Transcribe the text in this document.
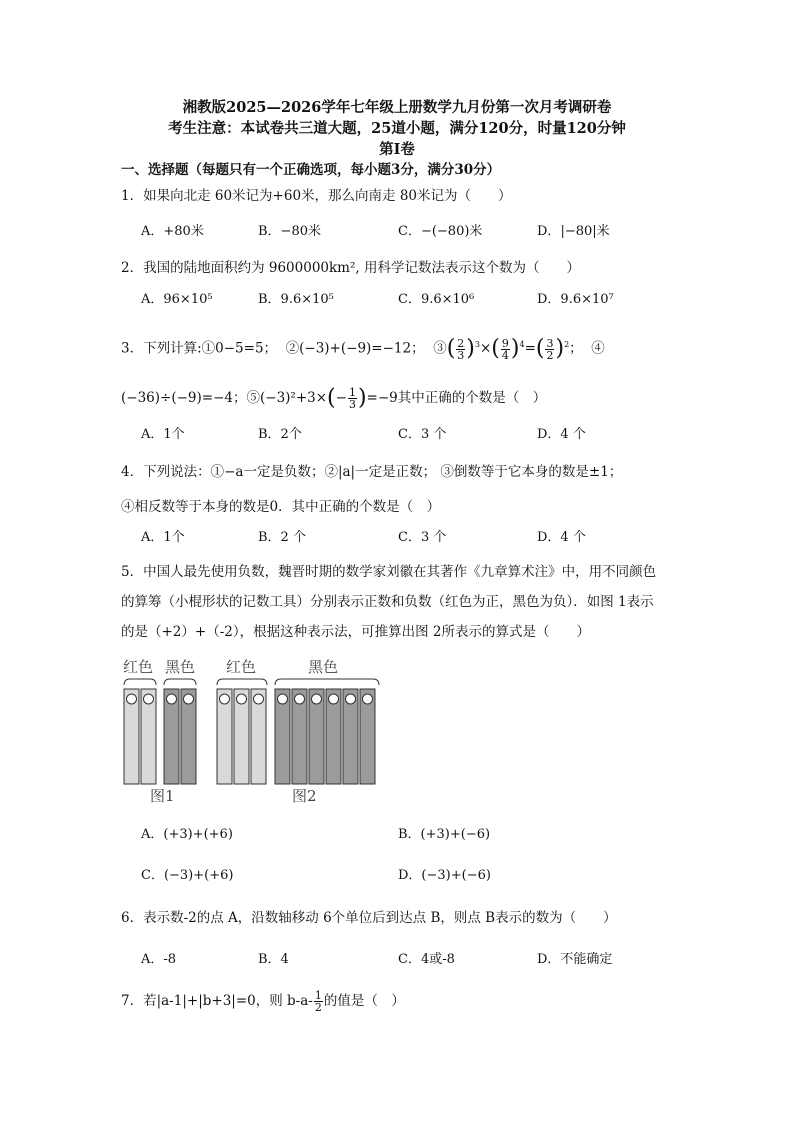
湘教版2025—2026学年七年级上册数学九月份第一次月考调研卷
考生注意：本试卷共三道大题，25道小题，满分120分，时量120分钟
第Ⅰ卷
一、选择题（每题只有一个正确选项，每小题3分，满分30分）
1．如果向北走 60米记为+60米，那么向南走 80米记为（　　）
A．+80米	B．−80米	C．−(−80)米	D．|−80|米
2．我国的陆地面积约为 9600000km², 用科学记数法表示这个数为（　　）
A．96×10⁵	B．9.6×10⁵	C．9.6×10⁶	D．9.6×10⁷
3．下列计算:①0−5=5； ②(−3)+(−9)=−12； ③( $\frac{2}{3} )^3\times( \frac{9}{4} )^4=( \frac{3}{2} )^2$；  ④
(−36)÷(−9)=−4；⑤(−3)²+3×(− $\frac{1}{3} )=-9$其中正确的个数是（　）
A．1个	B．2个	C．3 个	D．4 个
4．下列说法：①−a一定是负数；②|a|一定是正数； ③倒数等于它本身的数是±1；
④相反数等于本身的数是0．其中正确的个数是（　）
A．1个	B．2 个	C．3 个	D．4 个
5．中国人最先使用负数，魏晋时期的数学家刘徽在其著作《九章算术注》中，用不同颜色
的算筹（小棍形状的记数工具）分别表示正数和负数（红色为正，黑色为负）．如图 1表示
的是（+2）+（-2），根据这种表示法，可推算出图 2所表示的算式是（　　）
红色 黑色 红色	黑色
图1	图2
A．(+3)+(+6)	B．(+3)+(−6)
C．(−3)+(+6)	D．(−3)+(−6)
6．表示数-2的点 A，沿数轴移动 6个单位后到达点 B，则点 B表示的数为（　　）
A．-8	B．4	C．4或-8	D．不能确定
7．若|a-1|+|b+3|=0，则 $b-a- \frac{1}{2}$ 的值是（　）
